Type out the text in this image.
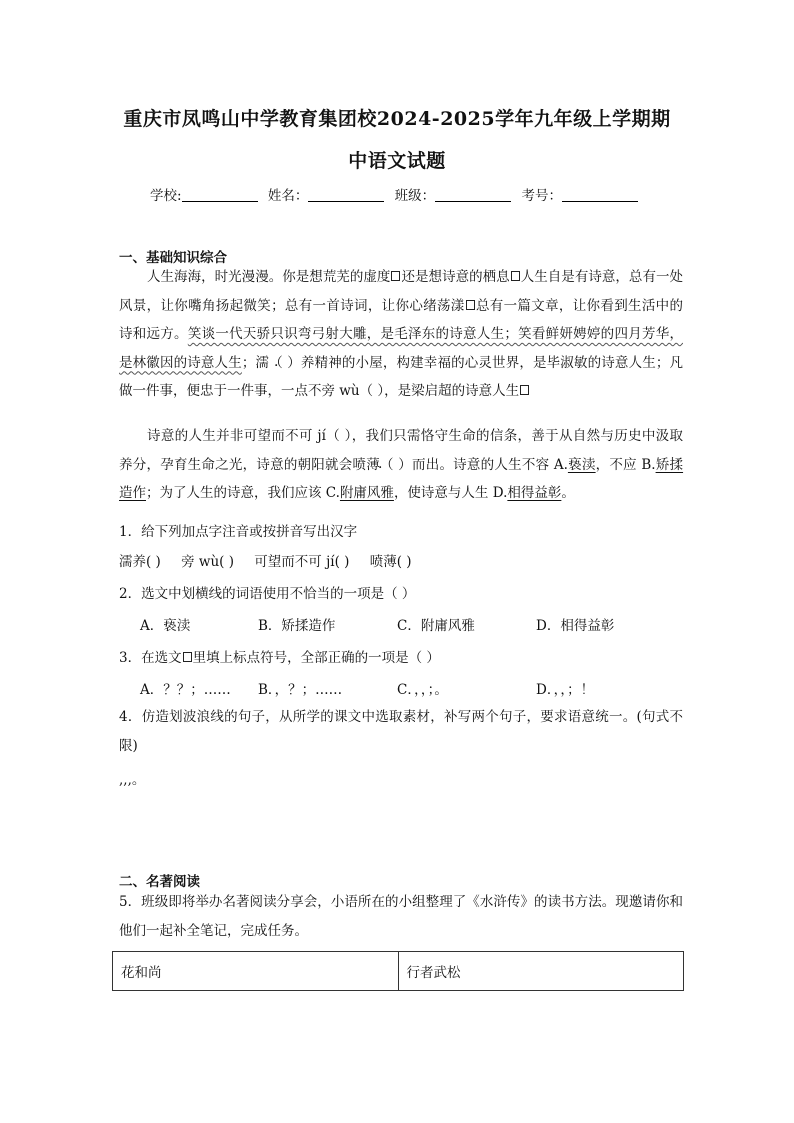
重庆市凤鸣山中学教育集团校2024-2025学年九年级上学期期
中语文试题
学校:	姓名：	班级：	考号：
一、基础知识综合
人生海海，时光漫漫。你是想荒芜的虚度 还是想诗意的栖息 人生自是有诗意，总有一处风景，让你嘴角扬起微笑；总有一首诗词，让你心绪荡漾 总有一篇文章，让你看到生活中的诗和远方。笑谈一代天骄只识弯弓射大雕，是毛泽东的诗意人生；笑看鲜妍娉婷的四月芳华，是林徽因的诗意人生；濡 ·（ ）养精神的小屋，构建幸福的心灵世界，是毕淑敏的诗意人生；凡做一件事，便忠于一件事，一点不旁 wù（ ），是梁启超的诗意人生
诗意的人生并非可望而不可 jí（ ），我们只需恪守生命的信条，善于从自然与历史中汲取养分，孕育生命之光，诗意的朝阳就会喷薄 ·（ ）而出。诗意的人生不容 A.亵渎，不应 B.矫揉造作；为了人生的诗意，我们应该 C.附庸风雅，使诗意与人生 D.相得益彰。
1．给下列加点字注音或按拼音写出汉字
濡养( ) 旁 wù( ) 可望而不可 jí( ) 喷薄( )
2．选文中划横线的词语使用不恰当的一项是（ ）
A．亵渎	B．矫揉造作	C．附庸风雅	D．相得益彰
3．在选文 里填上标点符号，全部正确的一项是（ ）
A．？？；…… B．，？；……	C．，，；。	D．，，；！
4．仿造划波浪线的句子，从所学的课文中选取素材，补写两个句子，要求语意统一。(句式不限)
,,,。
二、名著阅读
5．班级即将举办名著阅读分享会，小语所在的小组整理了《水浒传》的读书方法。现邀请你和他们一起补全笔记，完成任务。
花和尚	行者武松
